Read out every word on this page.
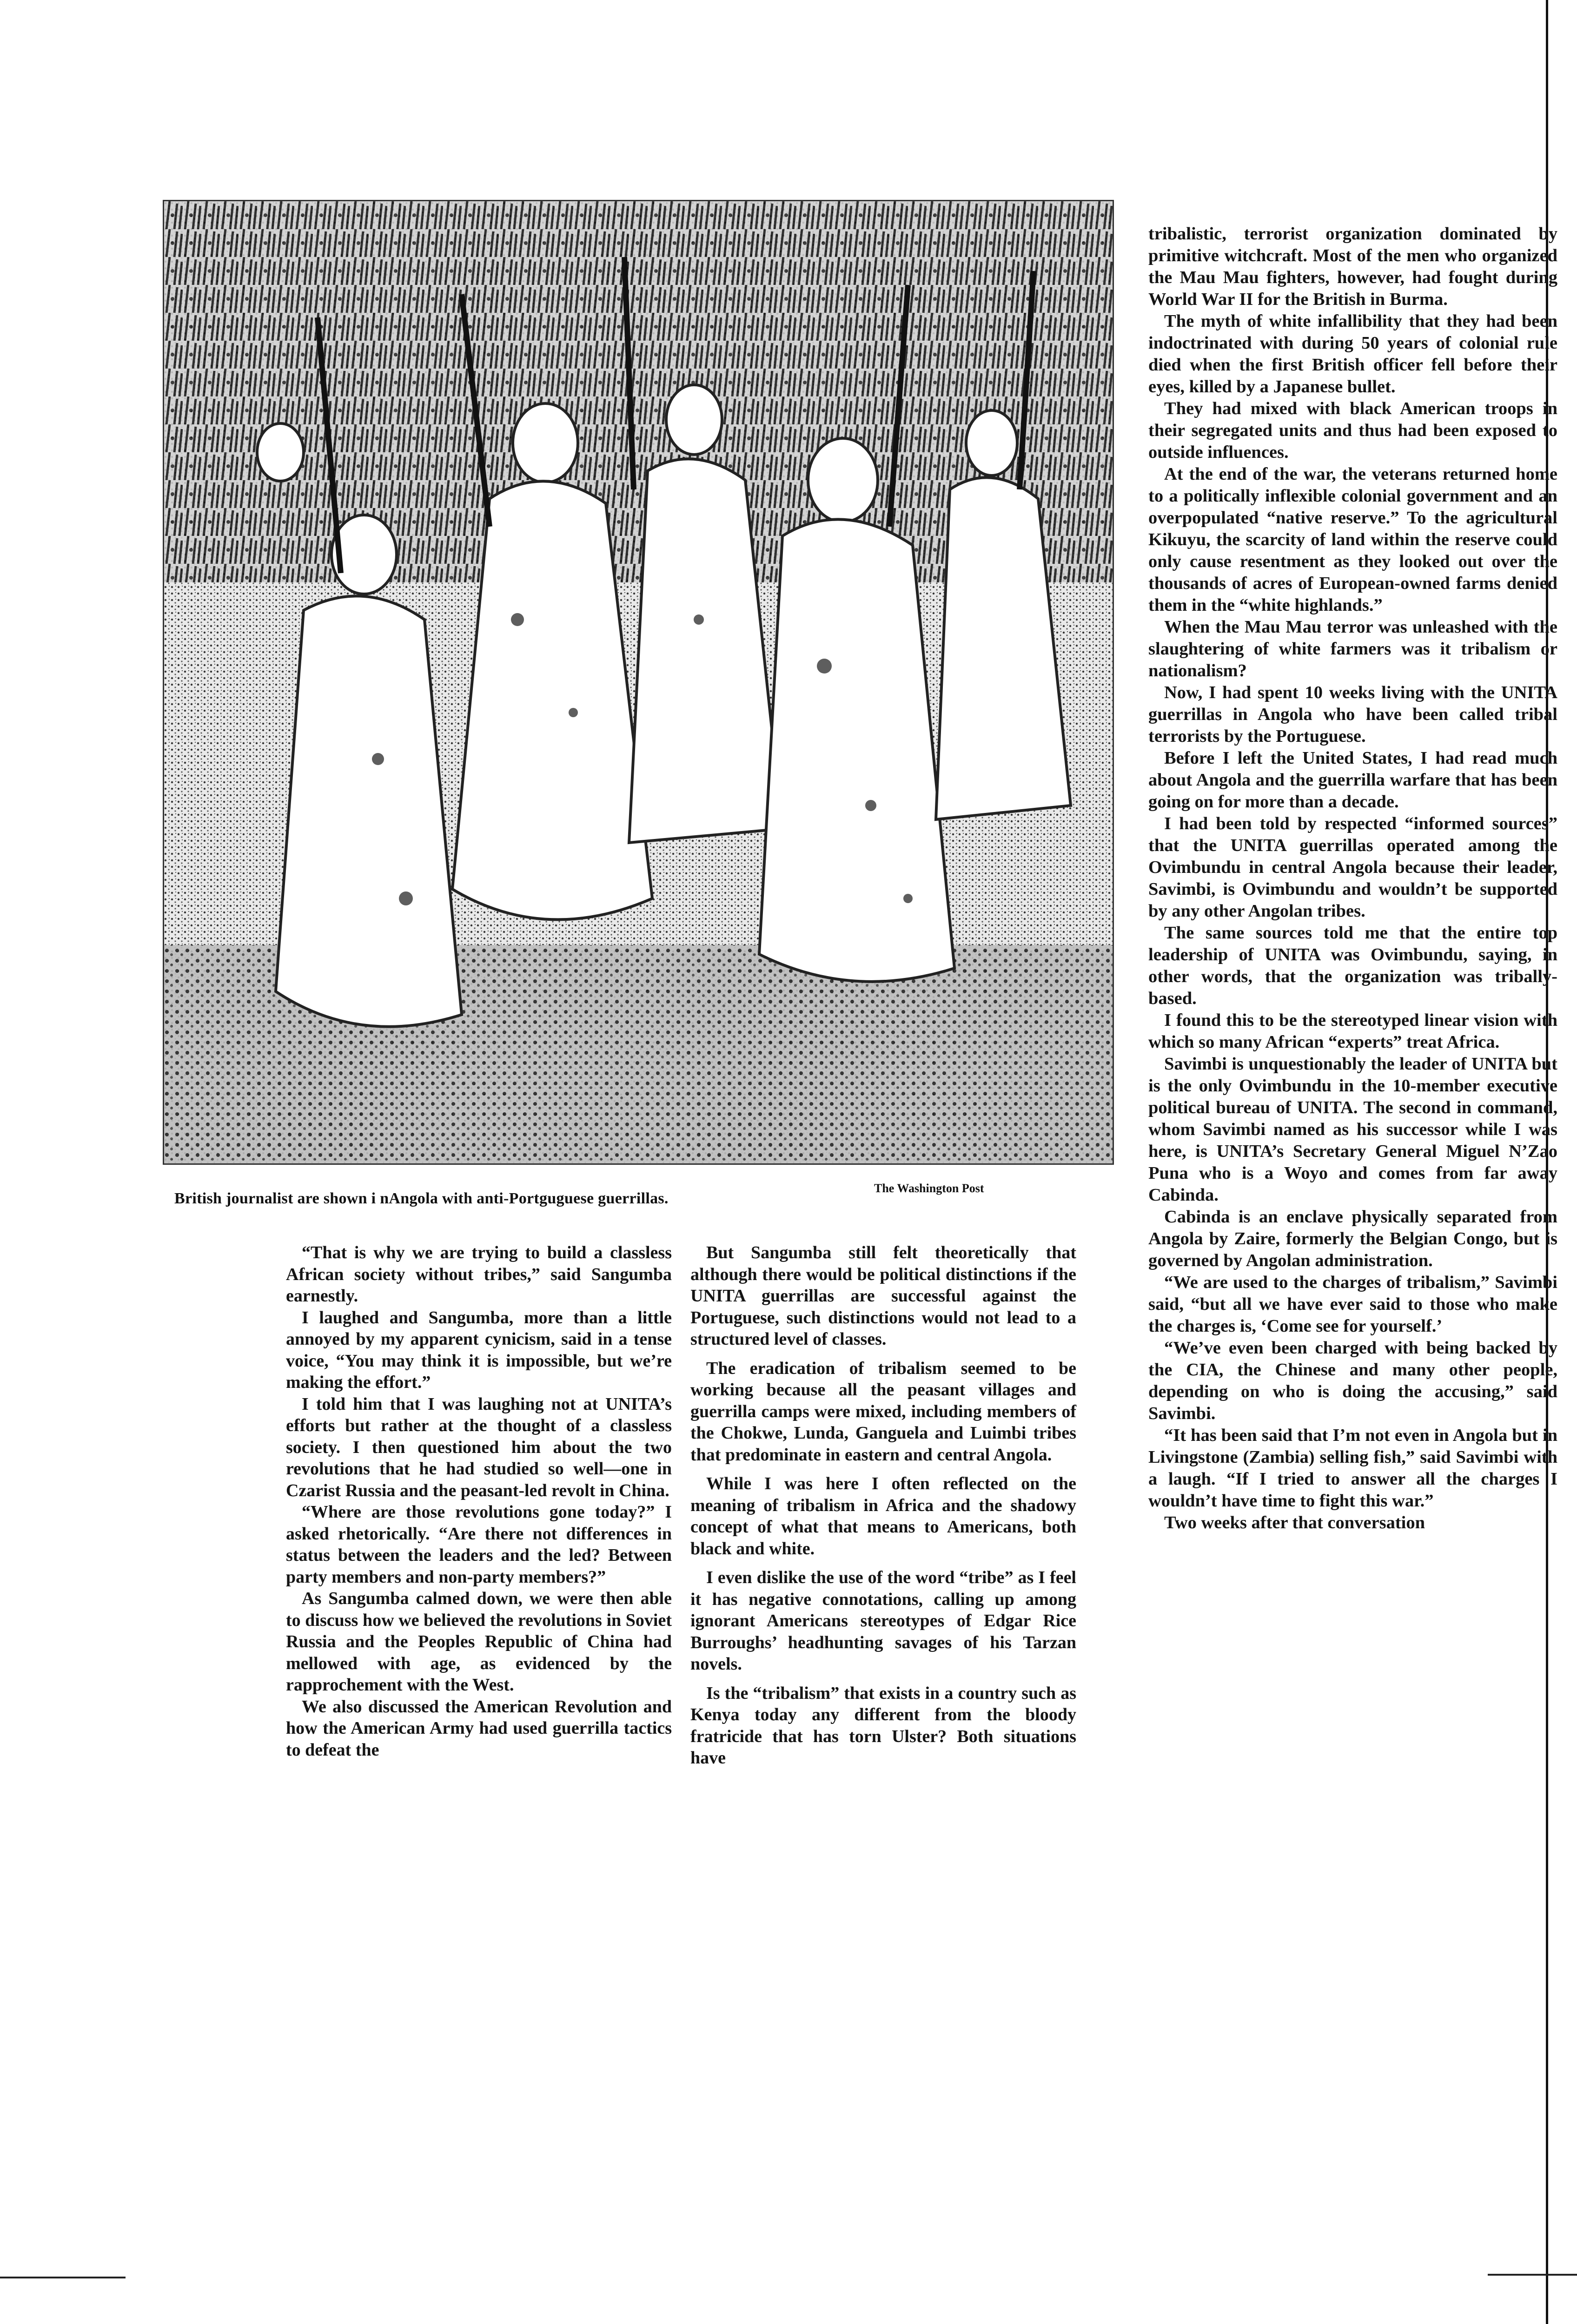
The Washington Post
British journalist are shown i nAngola with anti-Portguguese guerrillas.

“That is why we are trying to build a classless African society without tribes,” said Sangumba earnestly.

I laughed and Sangumba, more than a little annoyed by my apparent cynicism, said in a tense voice, “You may think it is impossible, but we’re making the effort.”

I told him that I was laughing not at UNITA’s efforts but rather at the thought of a classless society. I then questioned him about the two revolutions that he had studied so well—one in Czarist Russia and the peasant-led revolt in China.

“Where are those revolutions gone today?” I asked rhetorically. “Are there not differences in status between the leaders and the led? Between party members and non-party members?”

As Sangumba calmed down, we were then able to discuss how we believed the revolutions in Soviet Russia and the Peoples Republic of China had mellowed with age, as evidenced by the rapprochement with the West.

We also discussed the American Revolution and how the American Army had used guerrilla tactics to defeat the

But Sangumba still felt theoretically that although there would be political distinctions if the UNITA guerrillas are successful against the Portuguese, such distinctions would not lead to a structured level of classes.

The eradication of tribalism seemed to be working because all the peasant villages and guerrilla camps were mixed, including members of the Chokwe, Lunda, Ganguela and Luimbi tribes that predominate in eastern and central Angola.

While I was here I often reflected on the meaning of tribalism in Africa and the shadowy concept of what that means to Americans, both black and white.

I even dislike the use of the word “tribe” as I feel it has negative connotations, calling up among ignorant Americans stereotypes of Edgar Rice Burroughs’ headhunting savages of his Tarzan novels.

Is the “tribalism” that exists in a country such as Kenya today any different from the bloody fratricide that has torn Ulster? Both situations have

tribalistic, terrorist organization dominated by primitive witchcraft. Most of the men who organized the Mau Mau fighters, however, had fought during World War II for the British in Burma.

The myth of white infallibility that they had been indoctrinated with during 50 years of colonial rule died when the first British officer fell before their eyes, killed by a Japanese bullet.

They had mixed with black American troops in their segregated units and thus had been exposed to outside influences.

At the end of the war, the veterans returned home to a politically inflexible colonial government and an overpopulated “native reserve.” To the agricultural Kikuyu, the scarcity of land within the reserve could only cause resentment as they looked out over the thousands of acres of European-owned farms denied them in the “white highlands.”

When the Mau Mau terror was unleashed with the slaughtering of white farmers was it tribalism or nationalism?

Now, I had spent 10 weeks living with the UNITA guerrillas in Angola who have been called tribal terrorists by the Portuguese.

Before I left the United States, I had read much about Angola and the guerrilla warfare that has been going on for more than a decade.

I had been told by respected “informed sources” that the UNITA guerrillas operated among the Ovimbundu in central Angola because their leader, Savimbi, is Ovimbundu and wouldn’t be supported by any other Angolan tribes.

The same sources told me that the entire top leadership of UNITA was Ovimbundu, saying, in other words, that the organization was tribally-based.

I found this to be the stereotyped linear vision with which so many African “experts” treat Africa.

Savimbi is unquestionably the leader of UNITA but is the only Ovimbundu in the 10-member executive political bureau of UNITA. The second in command, whom Savimbi named as his successor while I was here, is UNITA’s Secretary General Miguel N’Zao Puna who is a Woyo and comes from far away Cabinda.

Cabinda is an enclave physically separated from Angola by Zaire, formerly the Belgian Congo, but is governed by Angolan administration.

“We are used to the charges of tribalism,” Savimbi said, “but all we have ever said to those who make the charges is, ‘Come see for yourself.’

“We’ve even been charged with being backed by the CIA, the Chinese and many other people, depending on who is doing the accusing,” said Savimbi.

“It has been said that I’m not even in Angola but in Livingstone (Zambia) selling fish,” said Savimbi with a laugh. “If I tried to answer all the charges I wouldn’t have time to fight this war.”

Two weeks after that conversation
